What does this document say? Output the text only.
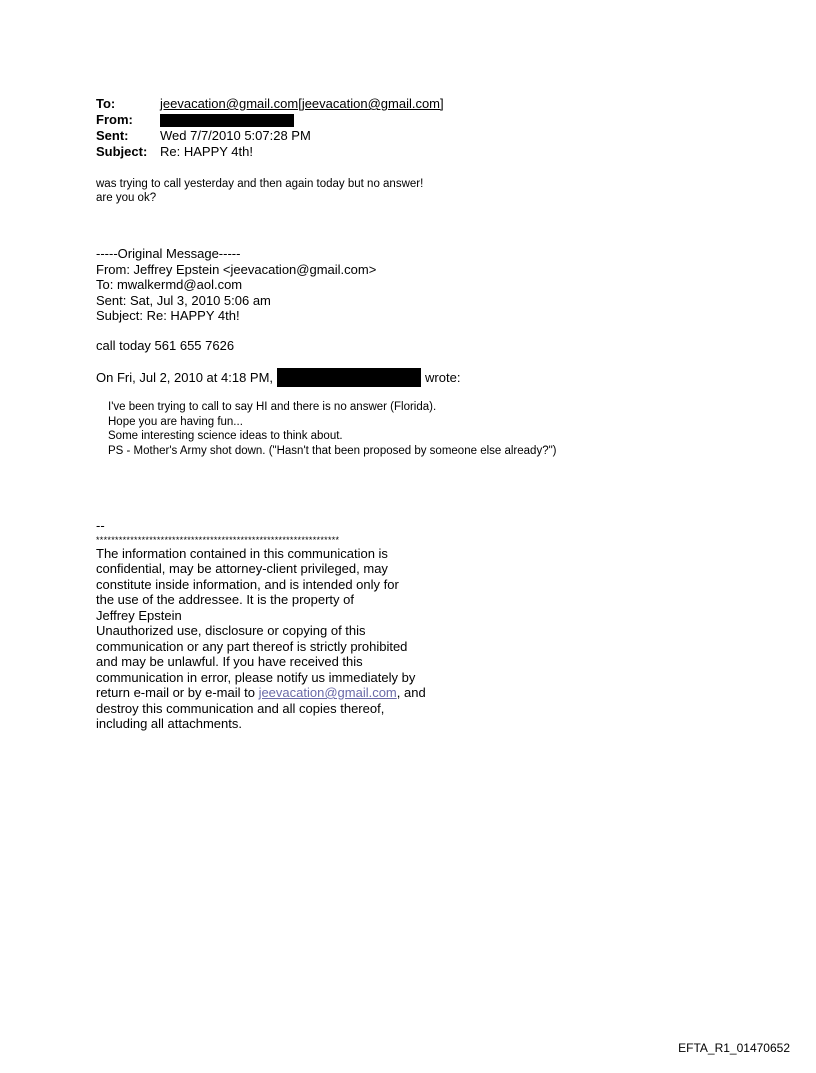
To:	jeevacation@gmail.com[jeevacation@gmail.com]
From:
Sent:	Wed 7/7/2010 5:07:28 PM
Subject: Re: HAPPY 4th!
was trying to call yesterday and then again today but no answer!
are you ok?
-----Original Message-----
From: Jeffrey Epstein <jeevacation@gmail.com>
To: mwalkermd@aol.com
Sent: Sat, Jul 3, 2010 5:06 am
Subject: Re: HAPPY 4th!
call today 561 655 7626
On Fri, Jul 2, 2010 at 4:18 PM,	wrote:
I've been trying to call to say HI and there is no answer (Florida).
Hope you are having fun...
Some interesting science ideas to think about.
PS - Mother's Army shot down. ("Hasn't that been proposed by someone else already?")
--
****************************************************************
The information contained in this communication is
confidential, may be attorney-client privileged, may
constitute inside information, and is intended only for
the use of the addressee. It is the property of
Jeffrey Epstein
Unauthorized use, disclosure or copying of this
communication or any part thereof is strictly prohibited
and may be unlawful. If you have received this
communication in error, please notify us immediately by
return e-mail or by e-mail to jeevacation@gmail.com, and
destroy this communication and all copies thereof,
including all attachments.
EFTA_R1_01470652
